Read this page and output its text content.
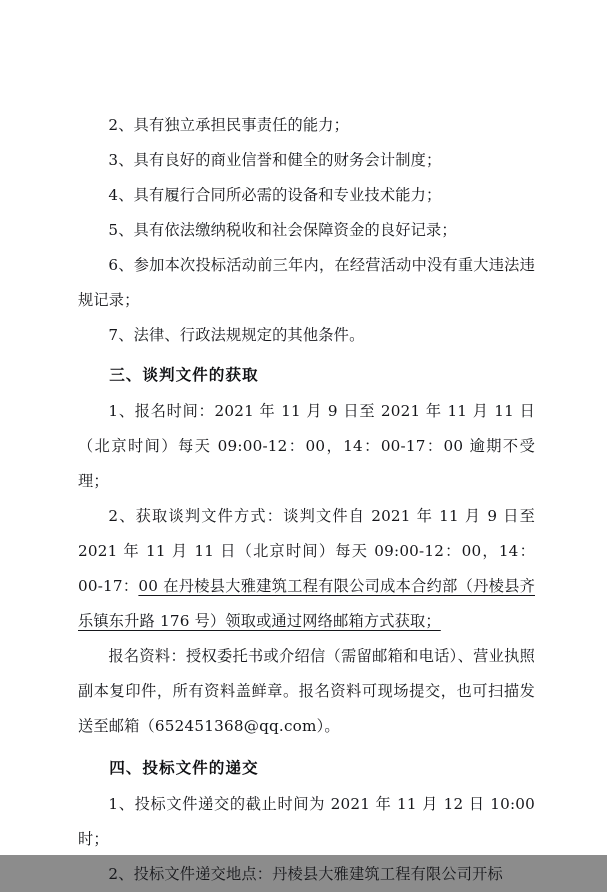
2、具有独立承担民事责任的能力；

3、具有良好的商业信誉和健全的财务会计制度；

4、具有履行合同所必需的设备和专业技术能力；

5、具有依法缴纳税收和社会保障资金的良好记录；

6、参加本次投标活动前三年内，在经营活动中没有重大违法违规记录；

7、法律、行政法规规定的其他条件。

三、谈判文件的获取

1、报名时间：2021 年 11 月 9 日至 2021 年 11 月 11 日（北京时间）每天 09:00-12：00，14：00-17：00 逾期不受理；

2、获取谈判文件方式：谈判文件自 2021 年 11 月 9 日至 2021 年 11 月 11 日（北京时间）每天 09:00-12：00，14：00-17：00 在丹棱县大雅建筑工程有限公司成本合约部（丹棱县齐乐镇东升路 176 号）领取或通过网络邮箱方式获取；

报名资料：授权委托书或介绍信（需留邮箱和电话）、营业执照副本复印件，所有资料盖鲜章。报名资料可现场提交，也可扫描发送至邮箱（652451368@qq.com）。

四、投标文件的递交

1、投标文件递交的截止时间为 2021 年 11 月 12 日 10:00 时；

2、投标文件递交地点：丹棱县大雅建筑工程有限公司开标
